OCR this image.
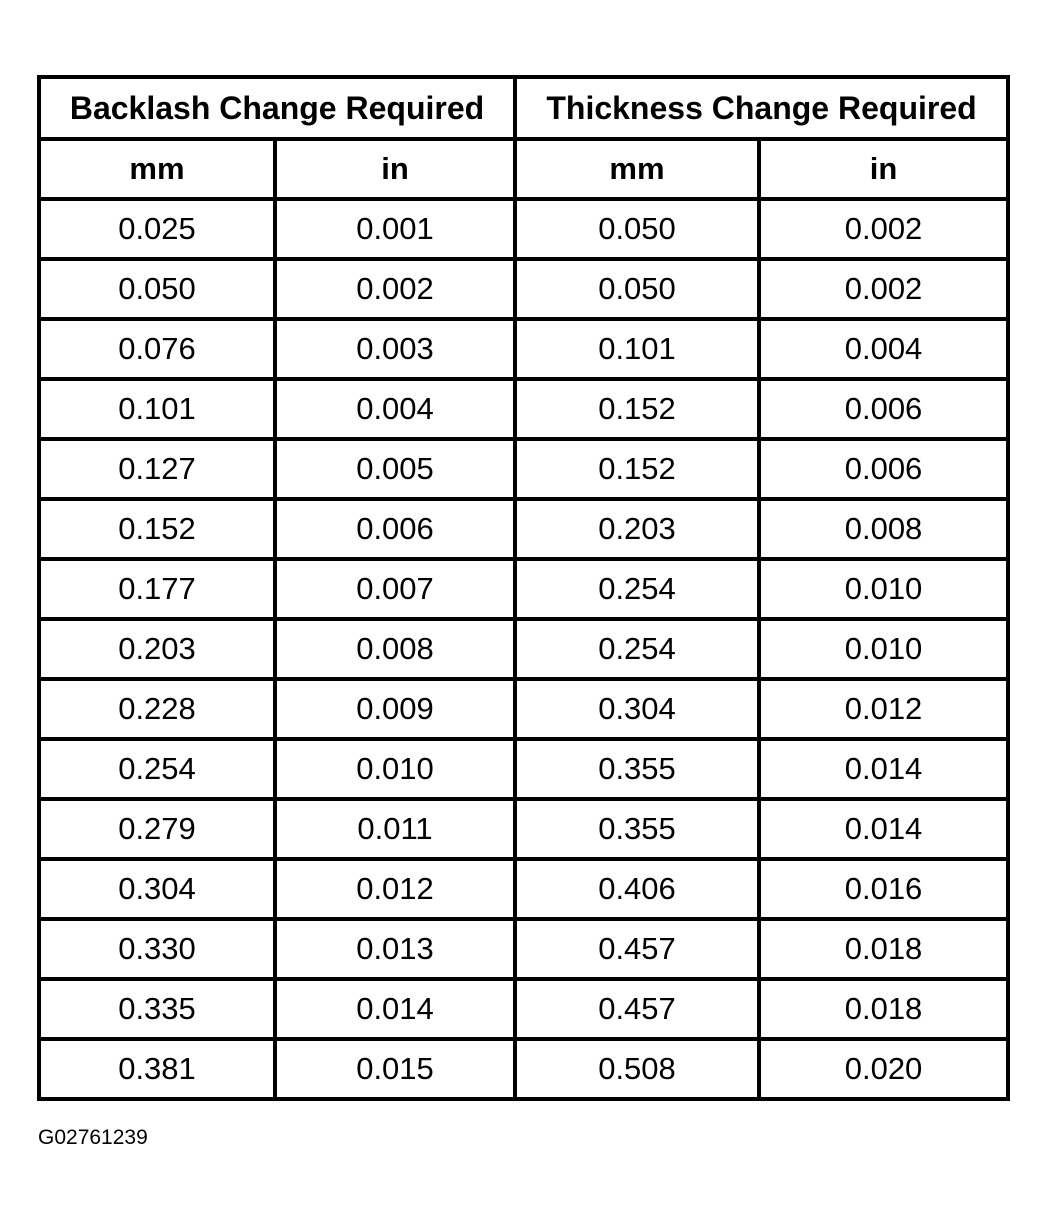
Backlash Change Required		Thickness Change Required	
mm	in	mm	in
0.025	0.001	0.050	0.002
0.050	0.002	0.050	0.002
0.076	0.003	0.101	0.004
0.101	0.004	0.152	0.006
0.127	0.005	0.152	0.006
0.152	0.006	0.203	0.008
0.177	0.007	0.254	0.010
0.203	0.008	0.254	0.010
0.228	0.009	0.304	0.012
0.254	0.010	0.355	0.014
0.279	0.011	0.355	0.014
0.304	0.012	0.406	0.016
0.330	0.013	0.457	0.018
0.335	0.014	0.457	0.018
0.381	0.015	0.508	0.020
G02761239
